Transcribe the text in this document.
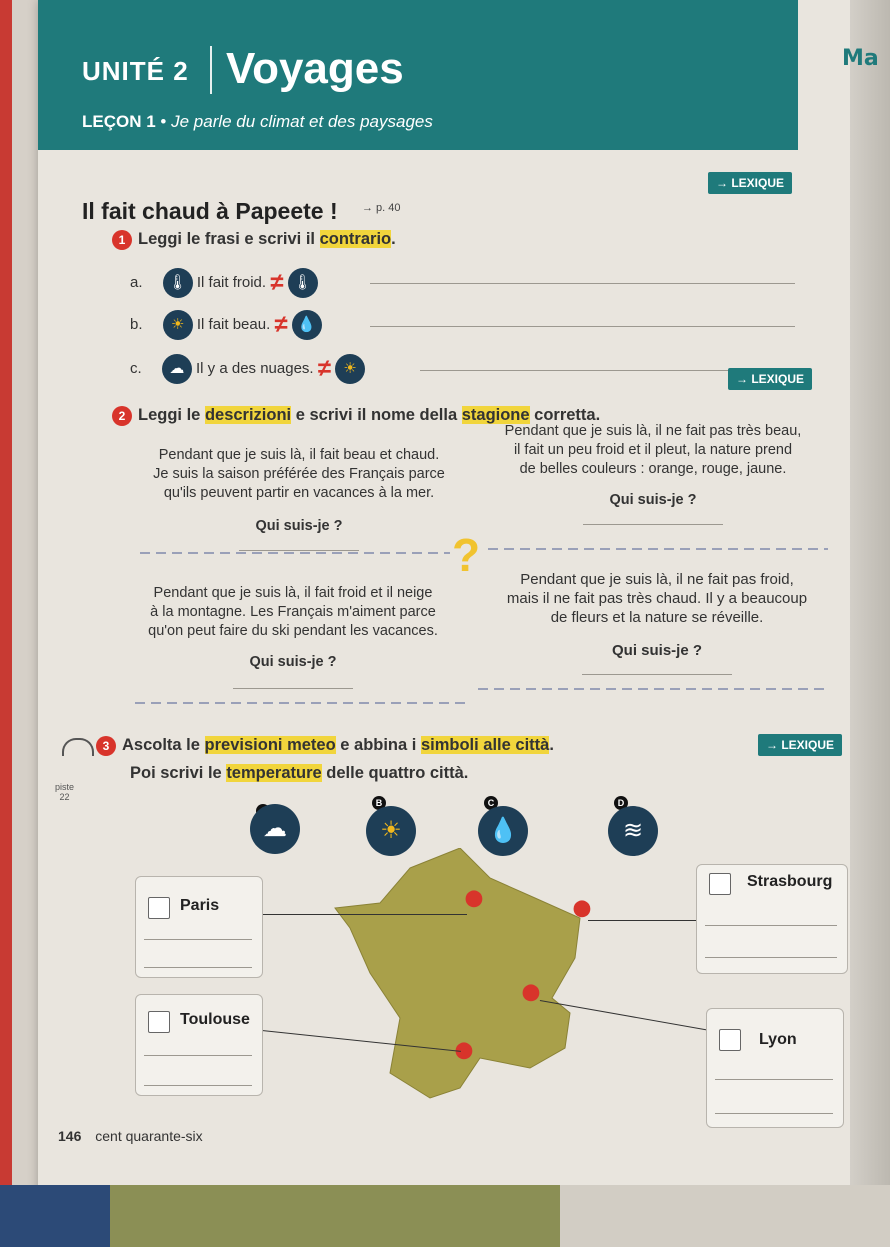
UNITÉ 2 Voyages
LEÇON 1 • Je parle du climat et des paysages
Ma
→ LEXIQUE
Il fait chaud à Papeete ! → p. 40
1 Leggi le frasi e scrivi il contrario.
a. 🌡 Il fait froid. ≠ 🌡
b. ☀ Il fait beau. ≠ 💧
c. ☁ Il y a des nuages. ≠ ☀
→ LEXIQUE
2 Leggi le descrizioni e scrivi il nome della stagione corretta.
Pendant que je suis là, il fait beau et chaud.
Je suis la saison préférée des Français parce
qu'ils peuvent partir en vacances à la mer.
Qui suis-je ?
Pendant que je suis là, il ne fait pas très beau,
il fait un peu froid et il pleut, la nature prend
de belles couleurs : orange, rouge, jaune.
Qui suis-je ?
?
Pendant que je suis là, il fait froid et il neige
à la montagne. Les Français m'aiment parce
qu'on peut faire du ski pendant les vacances.
Qui suis-je ?
Pendant que je suis là, il ne fait pas froid,
mais il ne fait pas très chaud. Il y a beaucoup
de fleurs et la nature se réveille.
Qui suis-je ?
3 Ascolta le previsioni meteo e abbina i simboli alle città.
Poi scrivi le temperature delle quattro città.
piste
22
→ LEXIQUE
☁
B
☀
C
💧
D
≋
⬤
⬤
⬤
⬤
Paris
Strasbourg
Toulouse
Lyon
146 cent quarante-six
